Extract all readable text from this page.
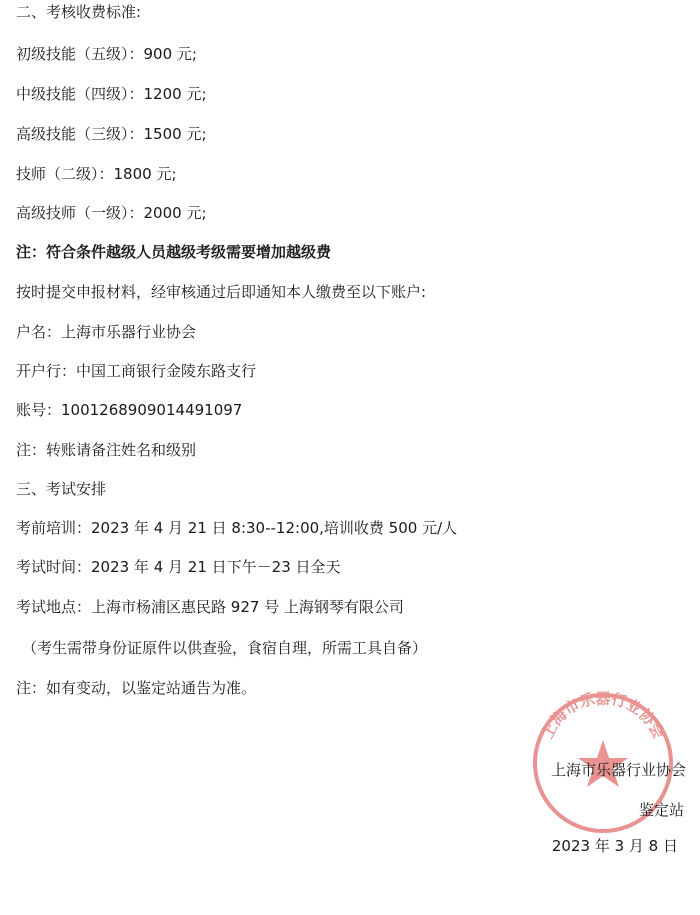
二、考核收费标准:
初级技能（五级）：900 元;
中级技能（四级）：1200 元;
高级技能（三级）：1500 元;
技师（二级）：1800 元;
高级技师（一级）：2000 元;
注：符合条件越级人员越级考级需要增加越级费
按时提交申报材料，经审核通过后即通知本人缴费至以下账户:
户名：上海市乐器行业协会
开户行：中国工商银行金陵东路支行
账号：1001268909014491097
注：转账请备注姓名和级别
三、考试安排
考前培训：2023 年 4 月 21 日 8:30--12:00,培训收费 500 元/人
考试时间：2023 年 4 月 21 日下午－23 日全天
考试地点：上海市杨浦区惠民路 927 号 上海钢琴有限公司
（考生需带身份证原件以供查验，食宿自理，所需工具自备）
注：如有变动，以鉴定站通告为准。
上海市乐器行业协会
上海市乐器行业协会
鉴定站
2023 年 3 月 8 日
